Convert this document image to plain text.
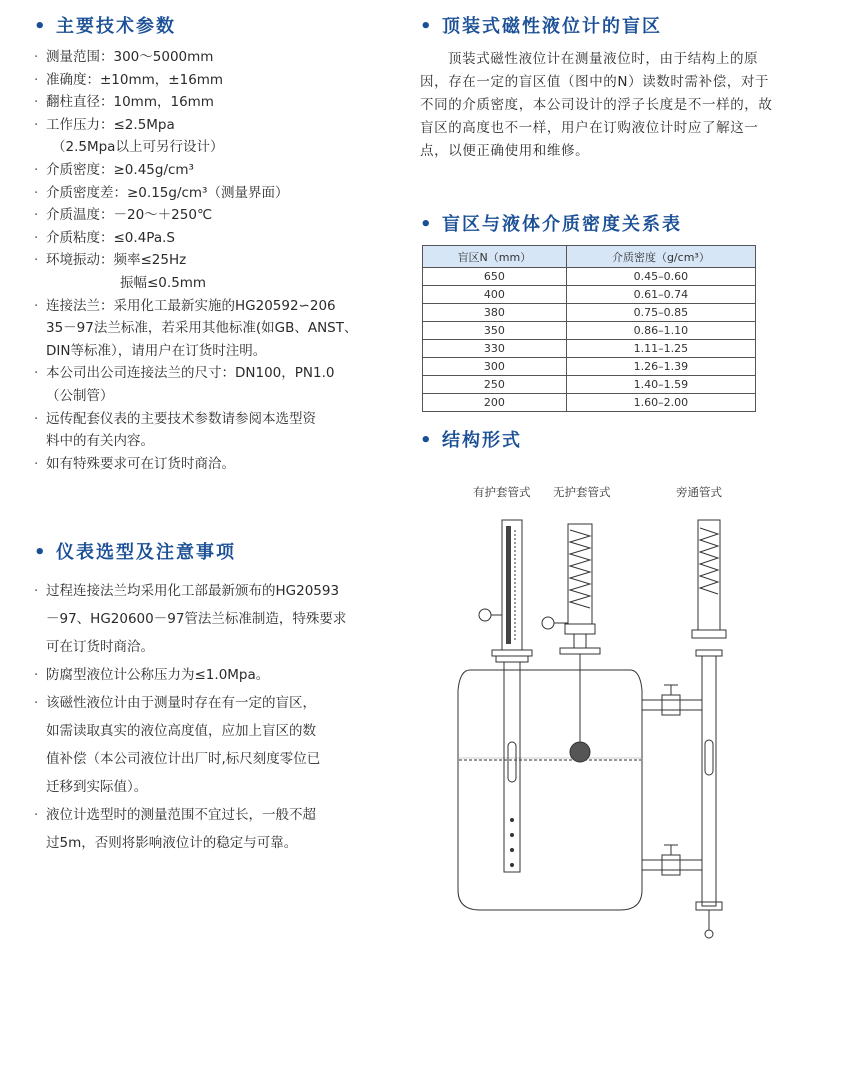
• 主要技术参数
· 测量范围：300～5000mm
· 准确度：±10mm，±16mm
· 翻柱直径：10mm，16mm
· 工作压力：≤2.5Mpa
（2.5Mpa以上可另行设计）
· 介质密度：≥0.45g/cm³
· 介质密度差：≥0.15g/cm³（测量界面）
· 介质温度：－20～＋250℃
· 介质粘度：≤0.4Pa.S
· 环境振动：频率≤25Hz
振幅≤0.5mm
· 连接法兰：采用化工最新实施的HG20592∽206
35－97法兰标准，若采用其他标准(如GB、ANST、
DIN等标准），请用户在订货时注明。
· 本公司出公司连接法兰的尺寸：DN100，PN1.0
（公制管）
· 远传配套仪表的主要技术参数请参阅本选型资
料中的有关内容。
· 如有特殊要求可在订货时商洽。
• 仪表选型及注意事项
· 过程连接法兰均采用化工部最新颁布的HG20593
－97、HG20600－97管法兰标准制造，特殊要求
可在订货时商洽。
· 防腐型液位计公称压力为≤1.0Mpa。
· 该磁性液位计由于测量时存在有一定的盲区，
如需读取真实的液位高度值，应加上盲区的数
值补偿（本公司液位计出厂时,标尺刻度零位已
迁移到实际值）。
· 液位计选型时的测量范围不宜过长，一般不超
过5m，否则将影响液位计的稳定与可靠。
• 顶装式磁性液位计的盲区
顶装式磁性液位计在测量液位时，由于结构上的原因，存在一定的盲区值（图中的N）读数时需补偿，对于不同的介质密度，本公司设计的浮子长度是不一样的，故盲区的高度也不一样，用户在订购液位计时应了解这一点，以便正确使用和维修。
• 盲区与液体介质密度关系表
盲区N（mm）	介质密度（g/cm³）
650	0.45–0.60
400	0.61–0.74
380	0.75–0.85
350	0.86–1.10
330	1.11–1.25
300	1.26–1.39
250	1.40–1.59
200	1.60–2.00
• 结构形式
有护套管式 无护套管式	旁通管式
